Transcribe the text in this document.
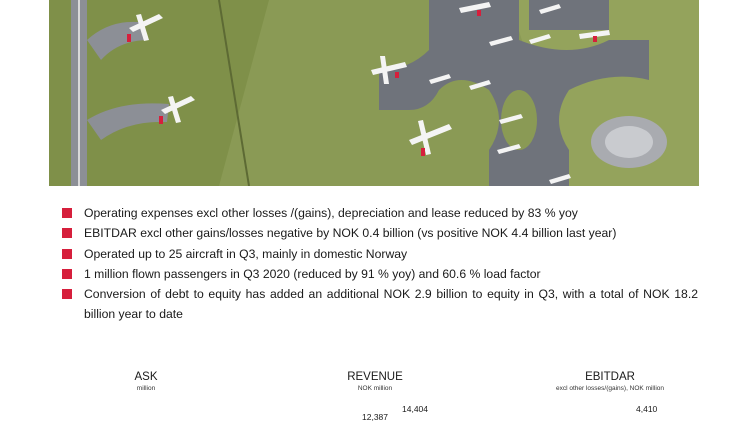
Operating expenses excl other losses /(gains), depreciation and lease reduced by 83 % yoy
EBITDAR excl other gains/losses negative by NOK 0.4 billion (vs positive NOK 4.4 billion last year)
Operated up to 25 aircraft in Q3, mainly in domestic Norway
1 million flown passengers in Q3 2020 (reduced by 91 % yoy) and 60.6 % load factor
Conversion of debt to equity has added an additional NOK 2.9 billion to equity in Q3, with a total of NOK 18.2 billion year to date
ASK
million
REVENUE
NOK million
12,387
14,404
EBITDAR
excl other losses/(gains), NOK million
4,410
